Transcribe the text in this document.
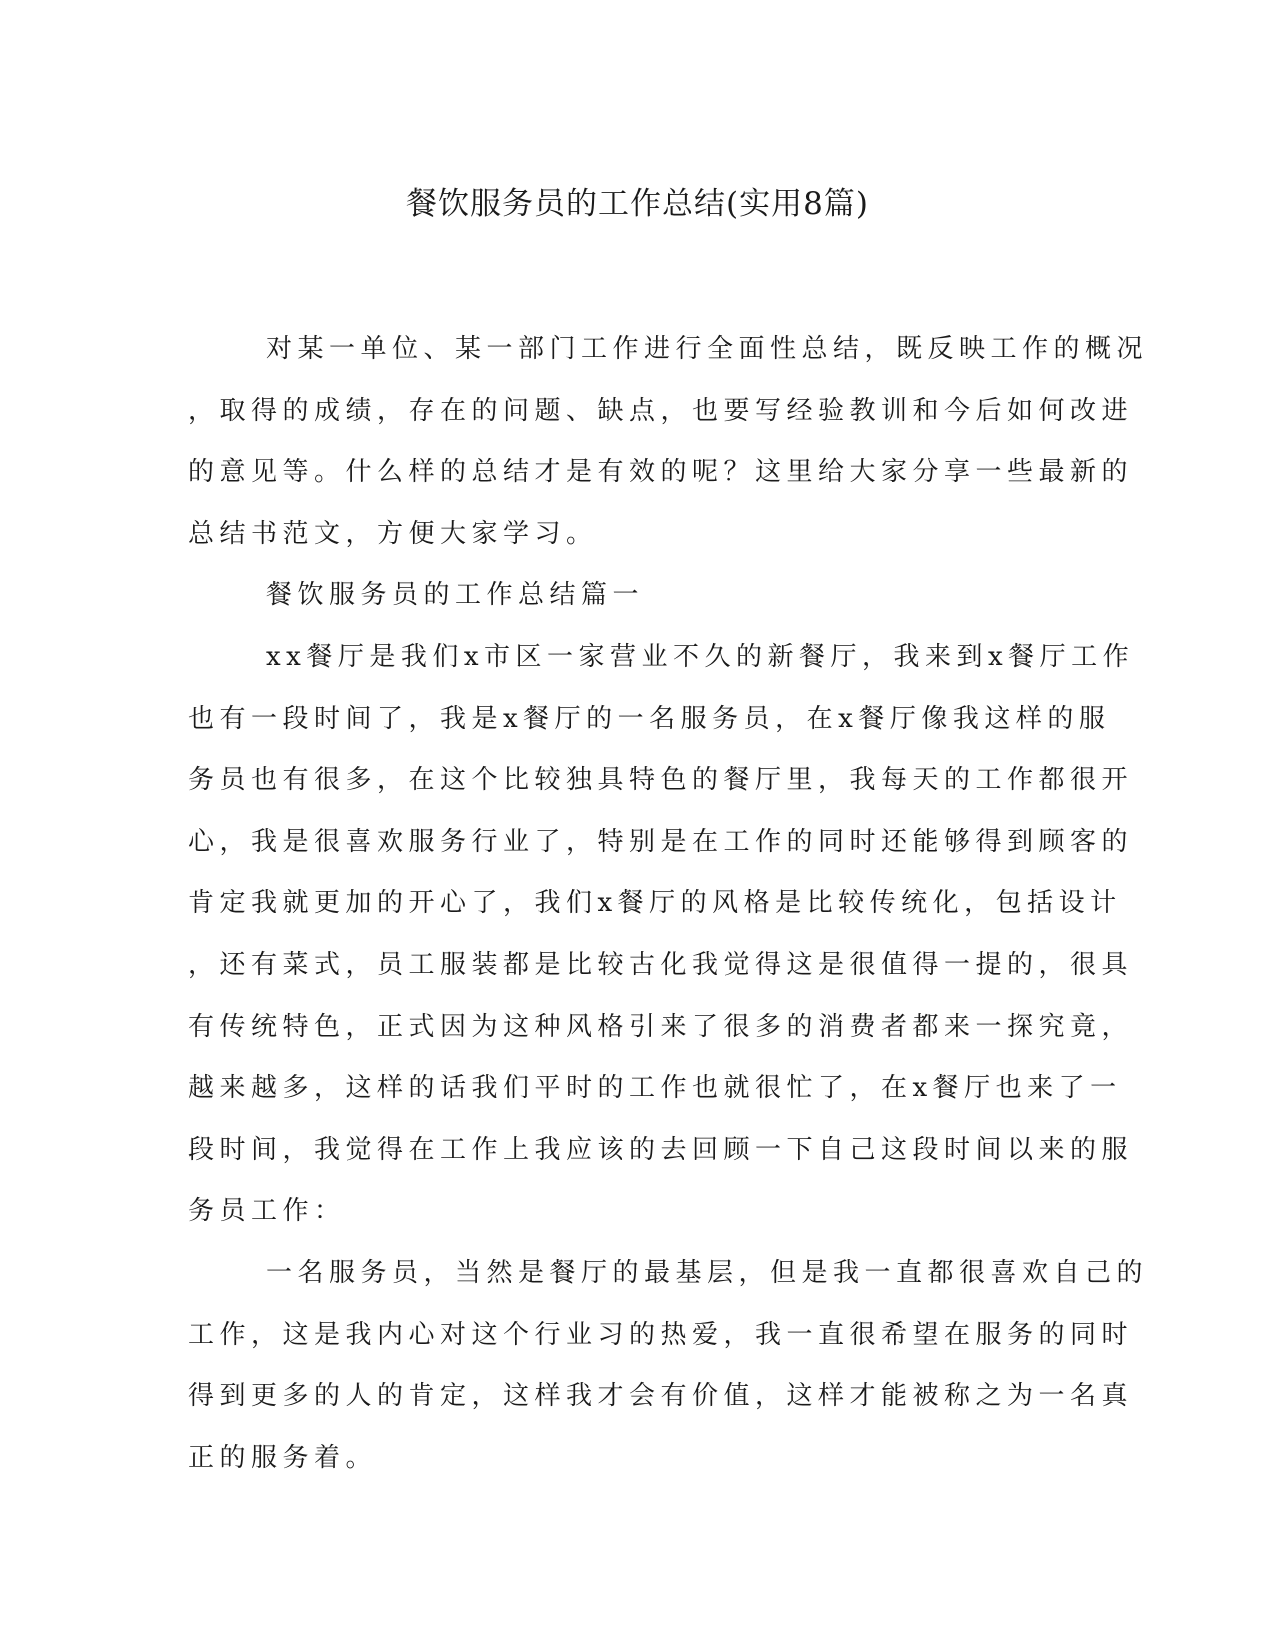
餐饮服务员的工作总结(实用8篇)
对某一单位、某一部门工作进行全面性总结，既反映工作的概况
，取得的成绩，存在的问题、缺点，也要写经验教训和今后如何改进
的意见等。什么样的总结才是有效的呢？这里给大家分享一些最新的
总结书范文，方便大家学习。
餐饮服务员的工作总结篇一
xx餐厅是我们x市区一家营业不久的新餐厅，我来到x餐厅工作
也有一段时间了，我是x餐厅的一名服务员，在x餐厅像我这样的服
务员也有很多，在这个比较独具特色的餐厅里，我每天的工作都很开
心，我是很喜欢服务行业了，特别是在工作的同时还能够得到顾客的
肯定我就更加的开心了，我们x餐厅的风格是比较传统化，包括设计
，还有菜式，员工服装都是比较古化我觉得这是很值得一提的，很具
有传统特色，正式因为这种风格引来了很多的消费者都来一探究竟，
越来越多，这样的话我们平时的工作也就很忙了，在x餐厅也来了一
段时间，我觉得在工作上我应该的去回顾一下自己这段时间以来的服
务员工作：
一名服务员，当然是餐厅的最基层，但是我一直都很喜欢自己的
工作，这是我内心对这个行业习的热爱，我一直很希望在服务的同时
得到更多的人的肯定，这样我才会有价值，这样才能被称之为一名真
正的服务着。
